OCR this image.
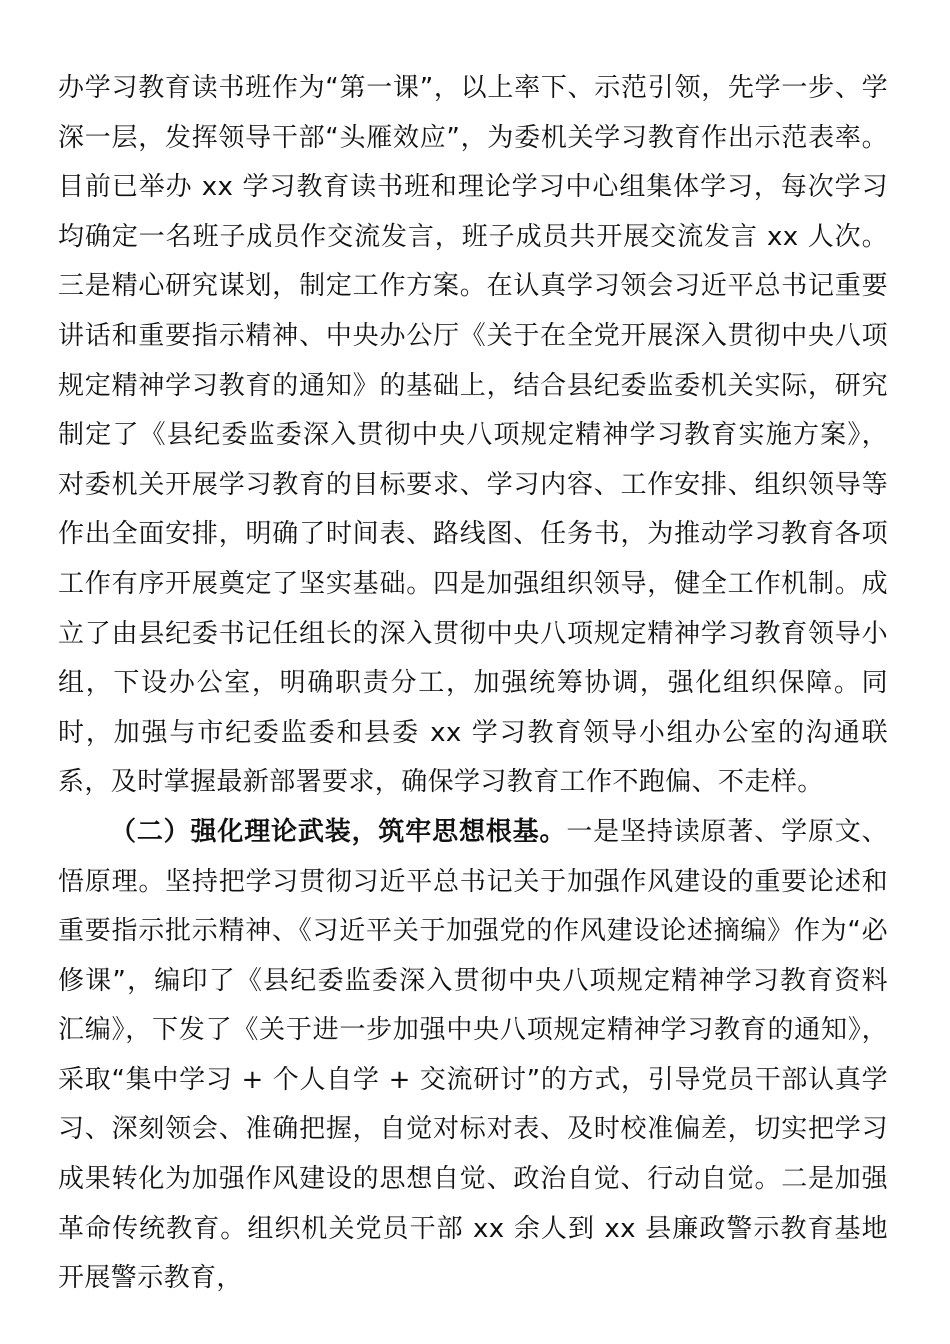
办学习教育读书班作为“第一课”，以上率下、示范引领，先学一步、学深一层，发挥领导干部“头雁效应”，为委机关学习教育作出示范表率。目前已举办 xx 学习教育读书班和理论学习中心组集体学习，每次学习均确定一名班子成员作交流发言，班子成员共开展交流发言 xx 人次。三是精心研究谋划，制定工作方案。在认真学习领会习近平总书记重要讲话和重要指示精神、中央办公厅《关于在全党开展深入贯彻中央八项规定精神学习教育的通知》的基础上，结合县纪委监委机关实际，研究制定了《县纪委监委深入贯彻中央八项规定精神学习教育实施方案》，对委机关开展学习教育的目标要求、学习内容、工作安排、组织领导等作出全面安排，明确了时间表、路线图、任务书，为推动学习教育各项工作有序开展奠定了坚实基础。四是加强组织领导，健全工作机制。成立了由县纪委书记任组长的深入贯彻中央八项规定精神学习教育领导小组，下设办公室，明确职责分工，加强统筹协调，强化组织保障。同时，加强与市纪委监委和县委 xx 学习教育领导小组办公室的沟通联系，及时掌握最新部署要求，确保学习教育工作不跑偏、不走样。

（二）强化理论武装，筑牢思想根基。一是坚持读原著、学原文、悟原理。坚持把学习贯彻习近平总书记关于加强作风建设的重要论述和重要指示批示精神、《习近平关于加强党的作风建设论述摘编》作为“必修课”，编印了《县纪委监委深入贯彻中央八项规定精神学习教育资料汇编》，下发了《关于进一步加强中央八项规定精神学习教育的通知》，采取“集中学习 + 个人自学 + 交流研讨”的方式，引导党员干部认真学习、深刻领会、准确把握，自觉对标对表、及时校准偏差，切实把学习成果转化为加强作风建设的思想自觉、政治自觉、行动自觉。二是加强革命传统教育。组织机关党员干部 xx 余人到 xx 县廉政警示教育基地开展警示教育，
